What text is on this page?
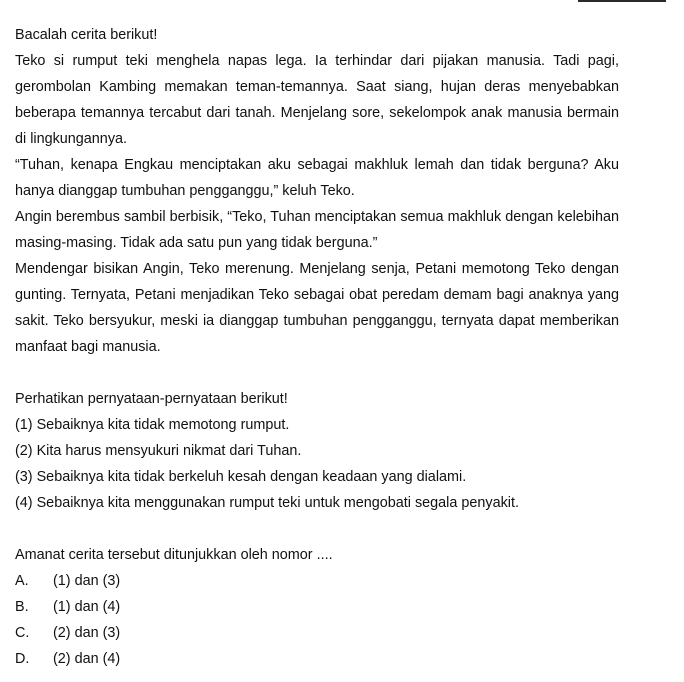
Bacalah cerita berikut!

Teko si rumput teki menghela napas lega. Ia terhindar dari pijakan manusia. Tadi pagi, gerombolan Kambing memakan teman-temannya. Saat siang, hujan deras menyebabkan beberapa temannya tercabut dari tanah. Menjelang sore, sekelompok anak manusia bermain di lingkungannya.

“Tuhan, kenapa Engkau menciptakan aku sebagai makhluk lemah dan tidak berguna? Aku hanya dianggap tumbuhan pengganggu,” keluh Teko.

Angin berembus sambil berbisik, “Teko, Tuhan menciptakan semua makhluk dengan kelebihan masing-masing. Tidak ada satu pun yang tidak berguna.”

Mendengar bisikan Angin, Teko merenung. Menjelang senja, Petani memotong Teko dengan gunting. Ternyata, Petani menjadikan Teko sebagai obat peredam demam bagi anaknya yang sakit. Teko bersyukur, meski ia dianggap tumbuhan pengganggu, ternyata dapat memberikan manfaat bagi manusia.

Perhatikan pernyataan-pernyataan berikut!

(1) Sebaiknya kita tidak memotong rumput.
(2) Kita harus mensyukuri nikmat dari Tuhan.
(3) Sebaiknya kita tidak berkeluh kesah dengan keadaan yang dialami.
(4) Sebaiknya kita menggunakan rumput teki untuk mengobati segala penyakit.

Amanat cerita tersebut ditunjukkan oleh nomor ....

A.	(1) dan (3)
B.	(1) dan (4)
C.	(2) dan (3)
D.	(2) dan (4)
